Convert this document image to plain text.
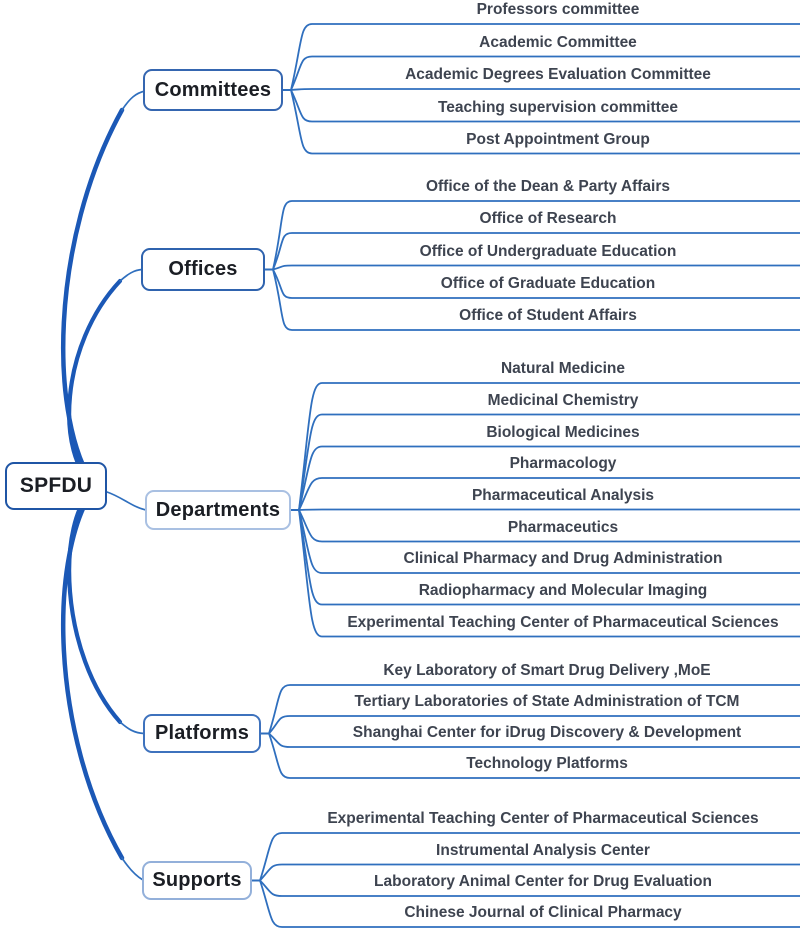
SPFDU
Professors committee
Academic Committee
Academic Degrees Evaluation Committee
Teaching supervision committee
Post Appointment Group
Committees
Office of the Dean & Party Affairs
Office of Research
Office of Undergraduate Education
Office of Graduate Education
Office of Student Affairs
Offices
Natural Medicine
Medicinal Chemistry
Biological Medicines
Pharmacology
Pharmaceutical Analysis
Pharmaceutics
Clinical Pharmacy and Drug Administration
Radiopharmacy and Molecular Imaging
Experimental Teaching Center of Pharmaceutical Sciences
Departments
Key Laboratory of Smart Drug Delivery ,MoE
Tertiary Laboratories of State Administration of TCM
Shanghai Center for iDrug Discovery & Development
Technology Platforms
Platforms
Experimental Teaching Center of Pharmaceutical Sciences
Instrumental Analysis Center
Laboratory Animal Center for Drug Evaluation
Chinese Journal of Clinical Pharmacy
Supports
